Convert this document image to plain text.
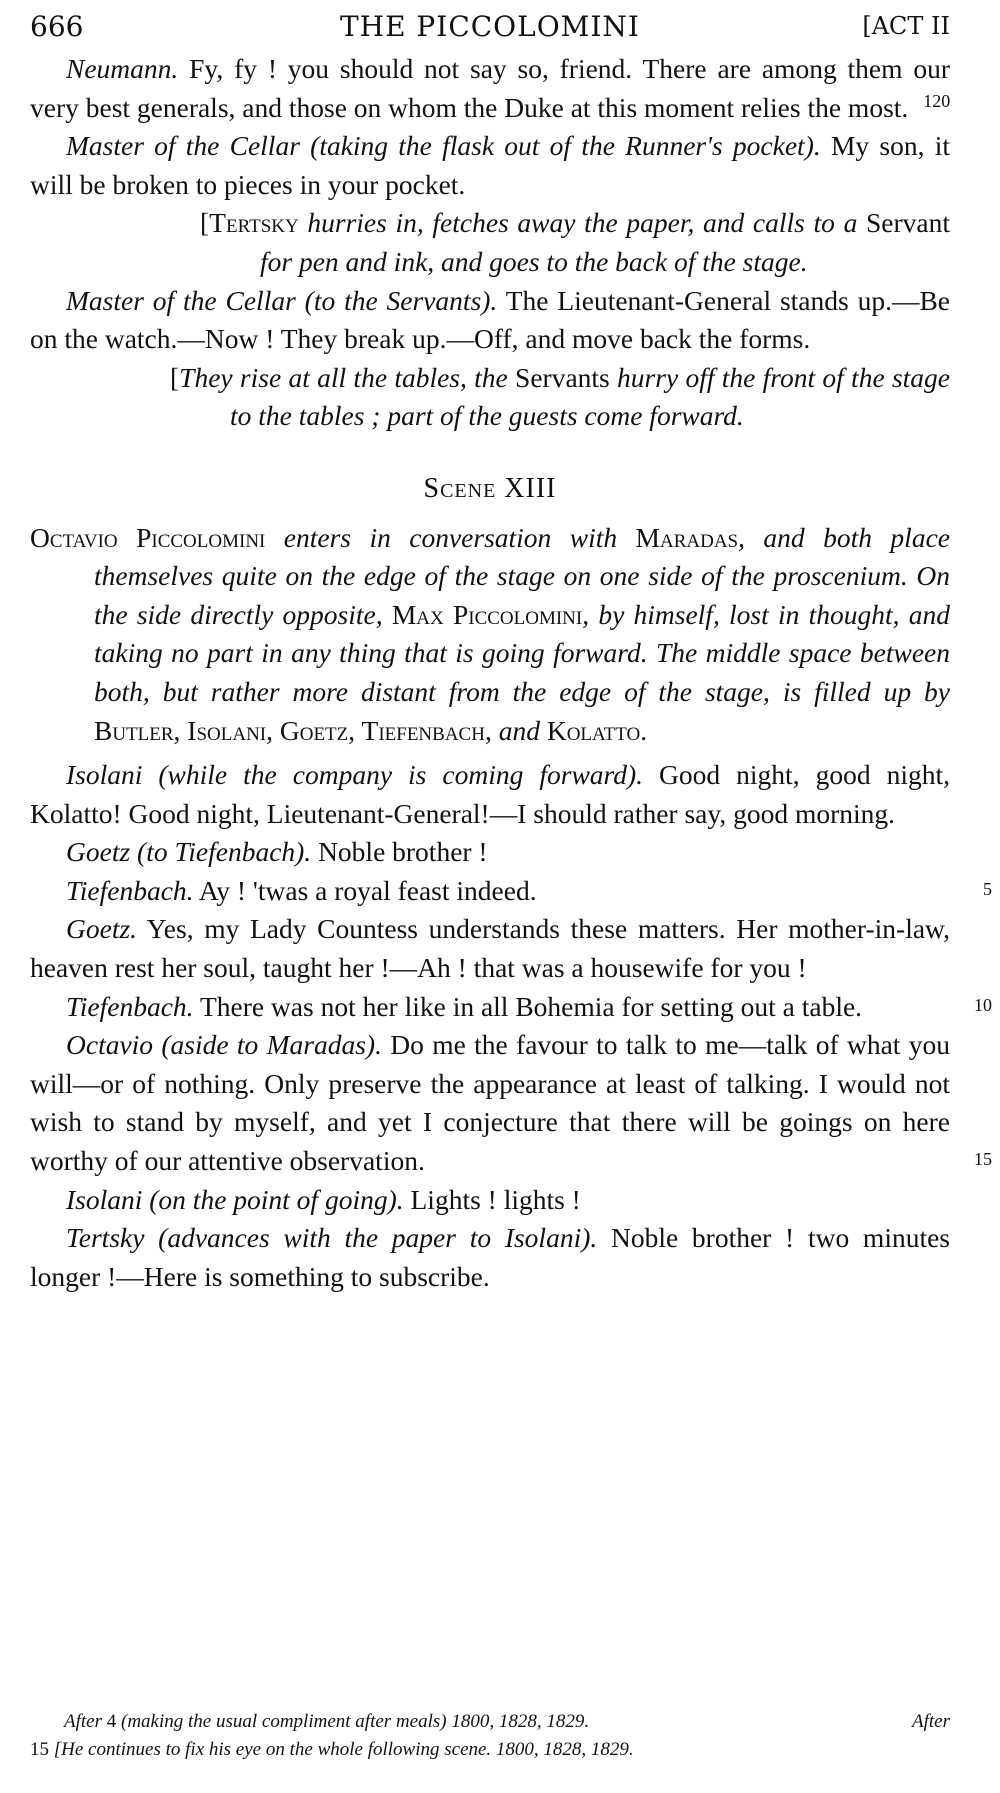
666	THE PICCOLOMINI	[ACT II

Neumann. Fy, fy ! you should not say so, friend. There are among them our very best generals, and those on whom the Duke at this moment relies the most. 120

Master of the Cellar (taking the flask out of the Runner's pocket). My son, it will be broken to pieces in your pocket.

[Tertsky hurries in, fetches away the paper, and calls to a Servant for pen and ink, and goes to the back of the stage.

Master of the Cellar (to the Servants). The Lieutenant-General stands up.—Be on the watch.—Now ! They break up.—Off, and move back the forms.

[They rise at all the tables, the Servants hurry off the front of the stage to the tables ; part of the guests come forward.

Scene XIII

Octavio Piccolomini enters in conversation with Maradas, and both place themselves quite on the edge of the stage on one side of the proscenium. On the side directly opposite, Max Piccolomini, by himself, lost in thought, and taking no part in any thing that is going forward. The middle space between both, but rather more distant from the edge of the stage, is filled up by Butler, Isolani, Goetz, Tiefenbach, and Kolatto.

Isolani (while the company is coming forward). Good night, good night, Kolatto! Good night, Lieutenant-General!—I should rather say, good morning.

Goetz (to Tiefenbach). Noble brother !

Tiefenbach. Ay ! 'twas a royal feast indeed.	5

Goetz. Yes, my Lady Countess understands these matters. Her mother-in-law, heaven rest her soul, taught her !—Ah ! that was a housewife for you !

Tiefenbach. There was not her like in all Bohemia for setting out a table.	10

Octavio (aside to Maradas). Do me the favour to talk to me—talk of what you will—or of nothing. Only preserve the appearance at least of talking. I would not wish to stand by myself, and yet I conjecture that there will be goings on here worthy of our attentive observation.	15

Isolani (on the point of going). Lights ! lights !

Tertsky (advances with the paper to Isolani). Noble brother ! two minutes longer !—Here is something to subscribe.

After 4 (making the usual compliment after meals) 1800, 1828, 1829.	After

15 [He continues to fix his eye on the whole following scene. 1800, 1828, 1829.
